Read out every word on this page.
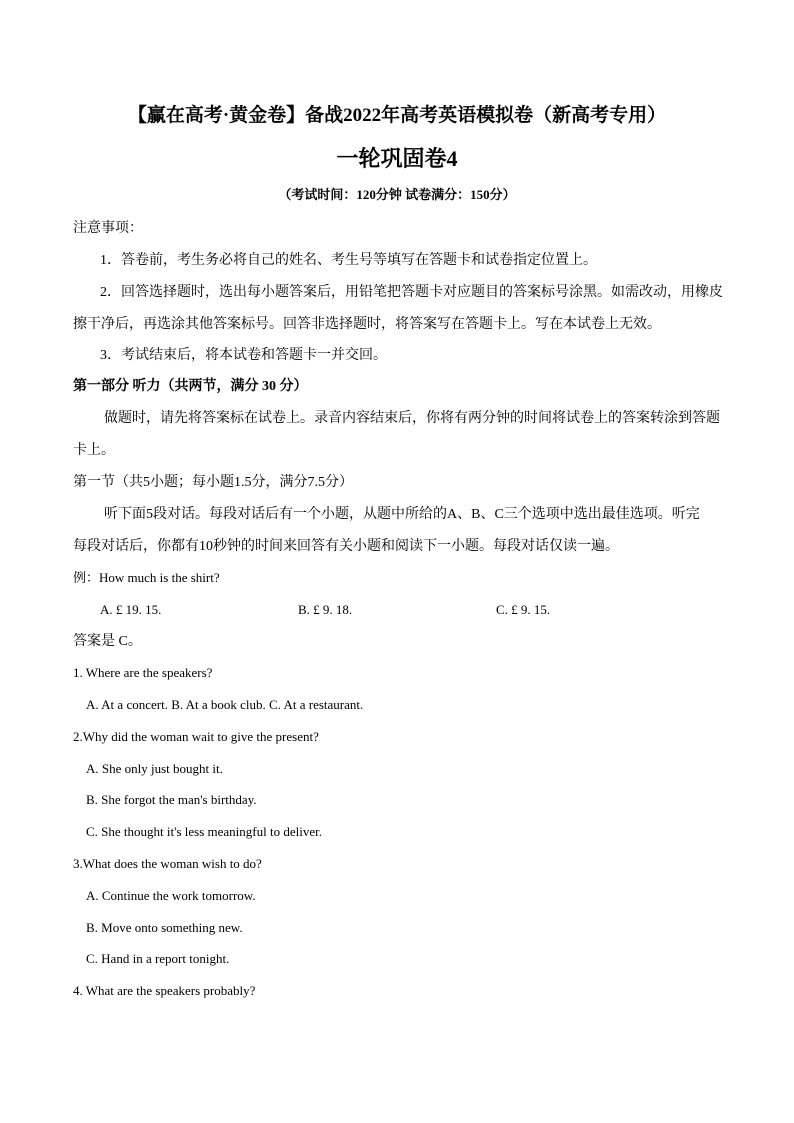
【赢在高考·黄金卷】备战2022年高考英语模拟卷（新高考专用）
一轮巩固卷4
（考试时间：120分钟 试卷满分：150分）
注意事项：
1．答卷前，考生务必将自己的姓名、考生号等填写在答题卡和试卷指定位置上。
2．回答选择题时，选出每小题答案后，用铅笔把答题卡对应题目的答案标号涂黑。如需改动，用橡皮
擦干净后，再选涂其他答案标号。回答非选择题时，将答案写在答题卡上。写在本试卷上无效。
3．考试结束后，将本试卷和答题卡一并交回。
第一部分 听力（共两节，满分 30 分）
做题时，请先将答案标在试卷上。录音内容结束后，你将有两分钟的时间将试卷上的答案转涂到答题
卡上。
第一节（共5小题；每小题1.5分，满分7.5分）
听下面5段对话。每段对话后有一个小题，从题中所给的A、B、C三个选项中选出最佳选项。听完
每段对话后，你都有10秒钟的时间来回答有关小题和阅读下一小题。每段对话仅读一遍。
例：How much is the shirt?
A. £ 19. 15.	B. £ 9. 18.	C. £ 9. 15.
答案是 C。
1. Where are the speakers?
A. At a concert. B. At a book club. C. At a restaurant.
2.Why did the woman wait to give the present?
A. She only just bought it.
B. She forgot the man's birthday.
C. She thought it's less meaningful to deliver.
3.What does the woman wish to do?
A. Continue the work tomorrow.
B. Move onto something new.
C. Hand in a report tonight.
4. What are the speakers probably?
